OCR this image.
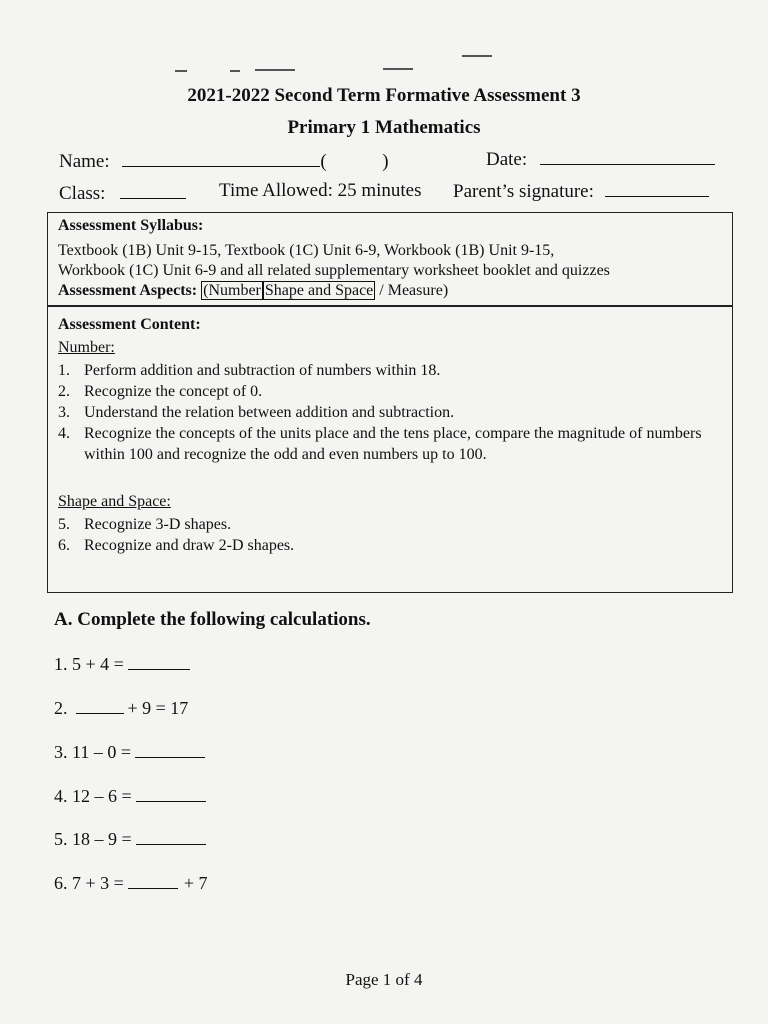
2021-2022 Second Term Formative Assessment 3
Primary 1 Mathematics
Name:	(	)	Date:
Class:	Time Allowed: 25 minutes Parent’s signature:
Assessment Syllabus:
Textbook (1B) Unit 9-15, Textbook (1C) Unit 6-9, Workbook (1B) Unit 9-15,
Workbook (1C) Unit 6-9 and all related supplementary worksheet booklet and quizzes
Assessment Aspects: (Number Shape and Space / Measure)
Assessment Content:
Number:
1. Perform addition and subtraction of numbers within 18.
2. Recognize the concept of 0.
3. Understand the relation between addition and subtraction.
4. Recognize the concepts of the units place and the tens place, compare the magnitude of numbers within 100 and recognize the odd and even numbers up to 100.
Shape and Space:
5. Recognize 3-D shapes.
6. Recognize and draw 2-D shapes.
A. Complete the following calculations.
1. 5 + 4 =
2.	+ 9 = 17
3. 11 – 0 =
4. 12 – 6 =
5. 18 – 9 =
6. 7 + 3 =	+ 7
Page 1 of 4
